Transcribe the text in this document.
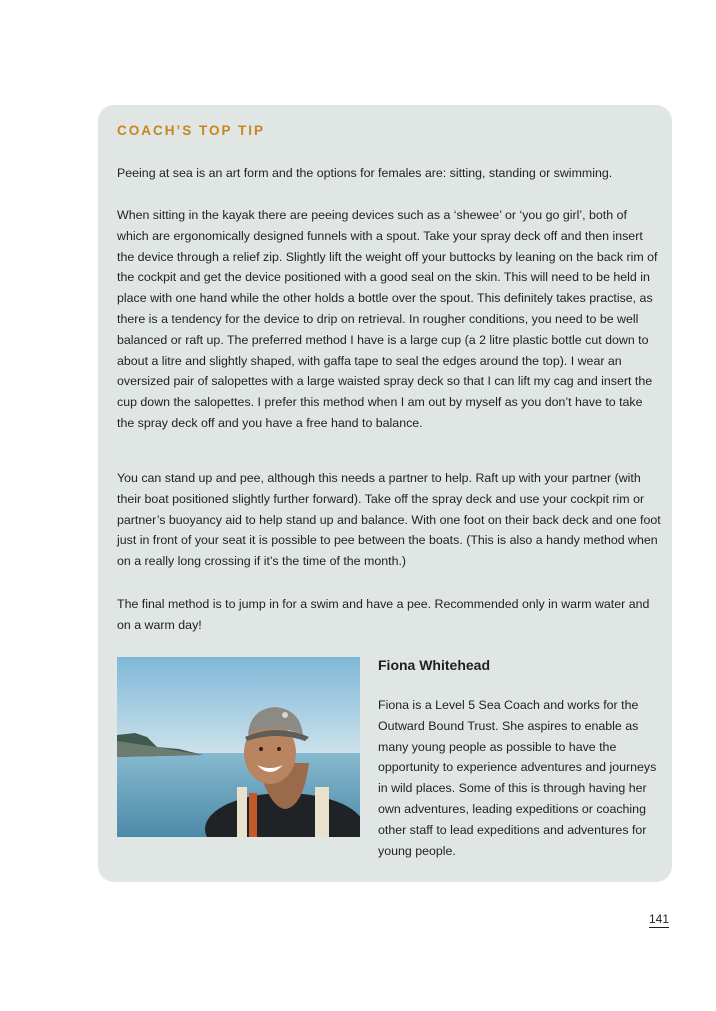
COACH’S TOP TIP

Peeing at sea is an art form and the options for females are: sitting, standing or swimming.

When sitting in the kayak there are peeing devices such as a ‘shewee’ or ‘you go girl’, both of which are ergonomically designed funnels with a spout. Take your spray deck off and then insert the device through a relief zip. Slightly lift the weight off your buttocks by leaning on the back rim of the cockpit and get the device positioned with a good seal on the skin. This will need to be held in place with one hand while the other holds a bottle over the spout. This definitely takes practise, as there is a tendency for the device to drip on retrieval. In rougher conditions, you need to be well balanced or raft up. The preferred method I have is a large cup (a 2 litre plastic bottle cut down to about a litre and slightly shaped, with gaffa tape to seal the edges around the top). I wear an oversized pair of salopettes with a large waisted spray deck so that I can lift my cag and insert the cup down the salopettes. I prefer this method when I am out by myself as you don’t have to take the spray deck off and you have a free hand to balance.

You can stand up and pee, although this needs a partner to help. Raft up with your partner (with their boat positioned slightly further forward). Take off the spray deck and use your cockpit rim or partner’s buoyancy aid to help stand up and balance. With one foot on their back deck and one foot just in front of your seat it is possible to pee between the boats. (This is also a handy method when on a really long crossing if it’s the time of the month.)

The final method is to jump in for a swim and have a pee. Recommended only in warm water and on a warm day!

Fiona Whitehead

Fiona is a Level 5 Sea Coach and works for the Outward Bound Trust. She aspires to enable as many young people as possible to have the opportunity to experience adventures and journeys in wild places. Some of this is through having her own adventures, leading expeditions or coaching other staff to lead expeditions and adventures for young people.

141
